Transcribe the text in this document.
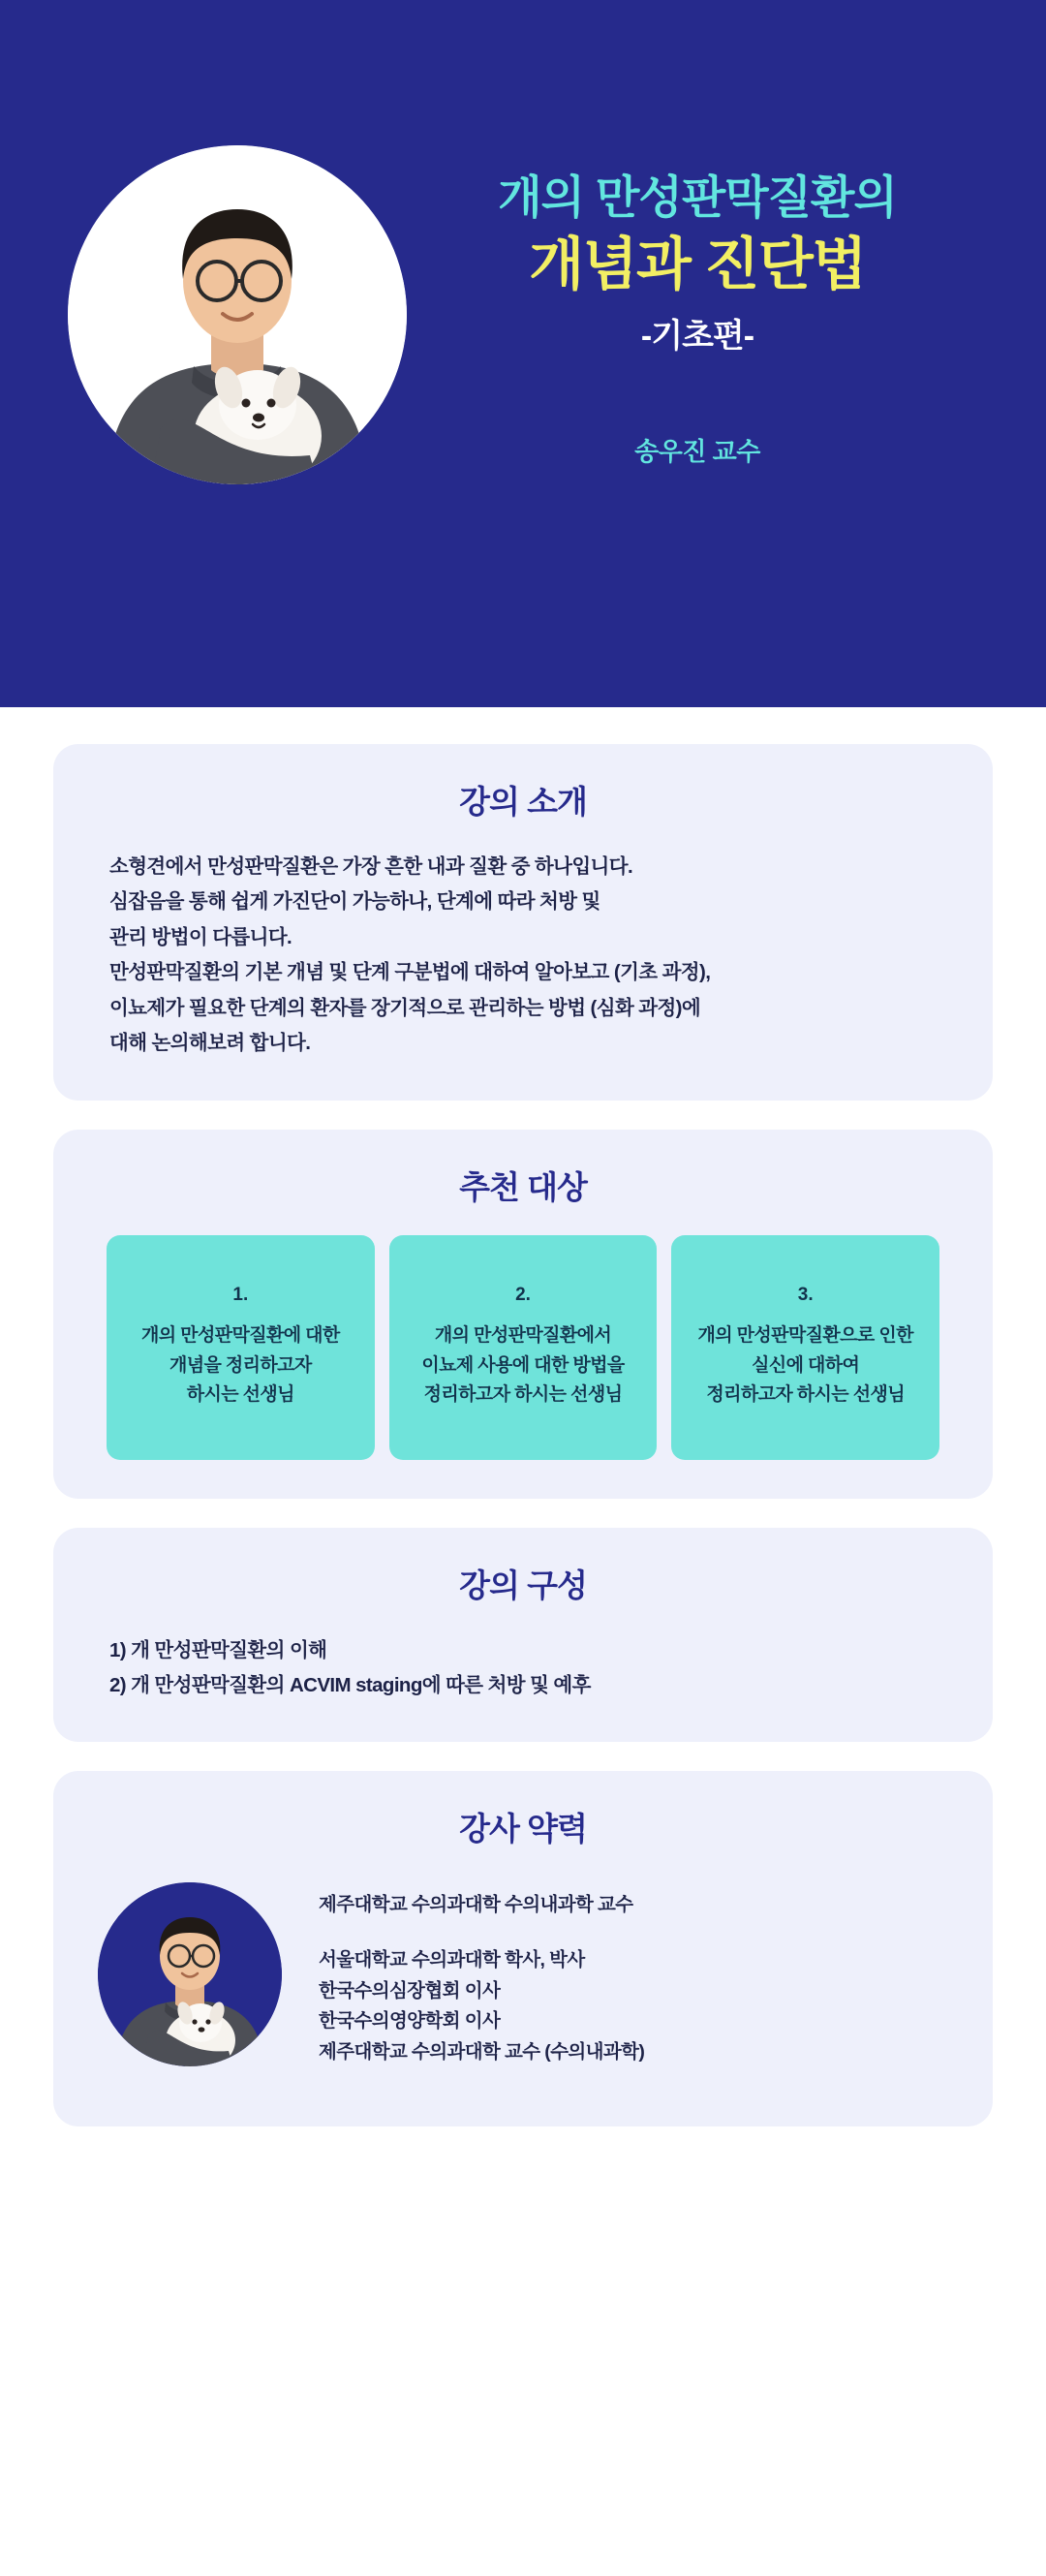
개의 만성판막질환의
개념과 진단법
-기초편-
송우진 교수
강의 소개
소형견에서 만성판막질환은 가장 흔한 내과 질환 중 하나입니다.
심잡음을 통해 쉽게 가진단이 가능하나, 단계에 따라 처방 및
관리 방법이 다릅니다.
만성판막질환의 기본 개념 및 단계 구분법에 대하여 알아보고 (기초 과정),
이뇨제가 필요한 단계의 환자를 장기적으로 관리하는 방법 (심화 과정)에
대해 논의해보려 합니다.
추천 대상
1.
개의 만성판막질환에 대한
개념을 정리하고자
하시는 선생님
2.
개의 만성판막질환에서
이뇨제 사용에 대한 방법을
정리하고자 하시는 선생님
3.
개의 만성판막질환으로 인한
실신에 대하여
정리하고자 하시는 선생님
강의 구성
1) 개 만성판막질환의 이해
2) 개 만성판막질환의 ACVIM staging에 따른 처방 및 예후
강사 약력
제주대학교 수의과대학 수의내과학 교수
서울대학교 수의과대학 학사, 박사
한국수의심장협회 이사
한국수의영양학회 이사
제주대학교 수의과대학 교수 (수의내과학)
